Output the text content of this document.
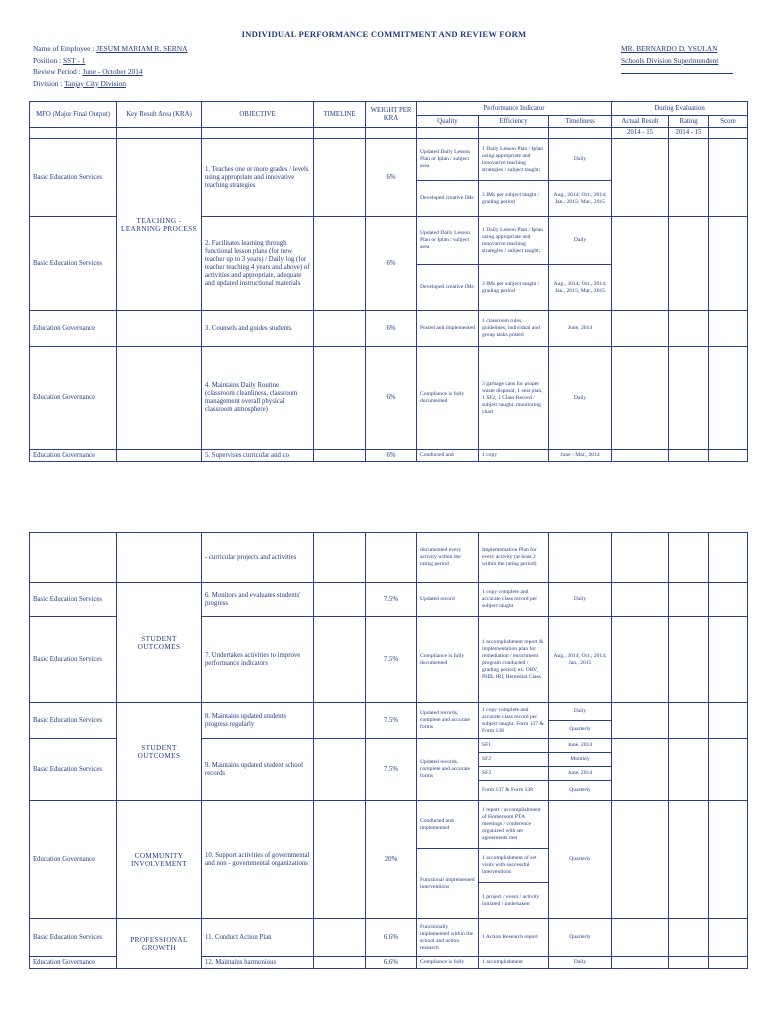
INDIVIDUAL PERFORMANCE COMMITMENT AND REVIEW FORM
Name of Employee : JESUM MARIAM R. SERNA
Position : SST - 1
Review Period : June - October 2014
Division : Tanjay City Division
MR. BERNARDO D. YSULAN
Schools Division Superintendent
MFO (Major Final Output)	Key Result Area (KRA)	OBJECTIVE	TIMELINE	WEIGHT PER KRA	Performance Indicator			During Evaluation		
					Quality	Efficiency	Timeliness	Actual Result	Rating	Score
								2014 - 15	2014 - 15	
Basic Education Services	TEACHING - LEARNING PROCESS	1. Teaches one or more grades / levels using appropriate and innovative teaching strategies		6%	Updated Daily Lesson Plan or Iplan / subject area	1 Daily Lesson Plan / Iplan using appropriate and innovative teaching strategies / subject taught;	Daily			
					Developed creative IMs	3 IMs per subject taught / grading period	Aug., 2014; Oct., 2014; Jan., 2015; Mar., 2015			
Basic Education Services		2. Facilitates learning through functional lesson plans (for new teacher up to 3 years) / Daily log (for teacher teaching 4 years and above) of activities and appropriate, adequate and updated instructional materials		6%	Updated Daily Lesson Plan or Iplan / subject area	1 Daily Lesson Plan / Iplan using appropriate and innovative teaching strategies / subject taught;	Daily			
					Developed creative IMs	3 IMs per subject taught / grading period	Aug., 2014; Oct., 2014; Jan., 2015; Mar., 2015			
Education Governance		3. Counsels and guides students		6%	Posted and implemented	1 classroom rules, guidelines, individual and group tasks posted	June, 2014			
Education Governance		4. Maintains Daily Routine (classroom cleanliness, classroom management overall physical classroom atmosphere)		6%	Compliance is fully documented	3 garbage cans for proper waste disposal, 1 seat plan, 1 SF2, 1 Class Record / subject taught, monitoring chart	Daily			
Education Governance		5. Supervises curricular and co		6%	Conducted and	1 copy	June - Mar., 2014			
		- curricular projects and activities			documented every activity within the rating period	Implementation Plan for every activity (at least 2 within the rating period)				
Basic Education Services	STUDENT OUTCOMES	6. Monitors and evaluates students' progress		7.5%	Updated record	1 copy complete and accurate class record per subject taught	Daily			
Basic Education Services		7. Undertakes activities to improve performance indicators		7.5%	Compliance is fully documented	1 accomplishment report & implementation plan for remediation / enrichment program conducted / grading period; ex. ORV, PHIL IRI, Remedial Class	Aug., 2014; Oct., 2014; Jan., 2015			
Basic Education Services	STUDENT OUTCOMES	8. Maintains updated students progress regularly		7.5%	Updated records, complete and accurate forms	1 copy complete and accurate class record per subject taught; Form 137 & Form 138	Daily			
							Quarterly			
Basic Education Services		9. Maintains updated student school records		7.5%	Updated records, complete and accurate forms	SF1	June, 2014			
						SF2	Monthly			
						SF3	June, 2014			
						Form 137 & Form 138	Quarterly			
Education Governance	COMMUNITY INVOLVEMENT	10. Support activities of governmental and non - governmental organizations		20%	Conducted and implemented	1 report / accomplishment of Homeroom PTA meetings / conference organized with set agreements met	Quarterly			
					Functional implemented interventions	1 accomplishment of set visits with successful interventions				
						1 project / event / activity initiated / undertaken				
Basic Education Services	PROFESSIONAL GROWTH	11. Conduct Action Plan		6.6%	Functionally implemented within the school and action research	1 Action Research report	Quarterly			
Education Governance		12. Maintains harmonious		6.6%	Compliance is fully	1 accomplishment	Daily			
